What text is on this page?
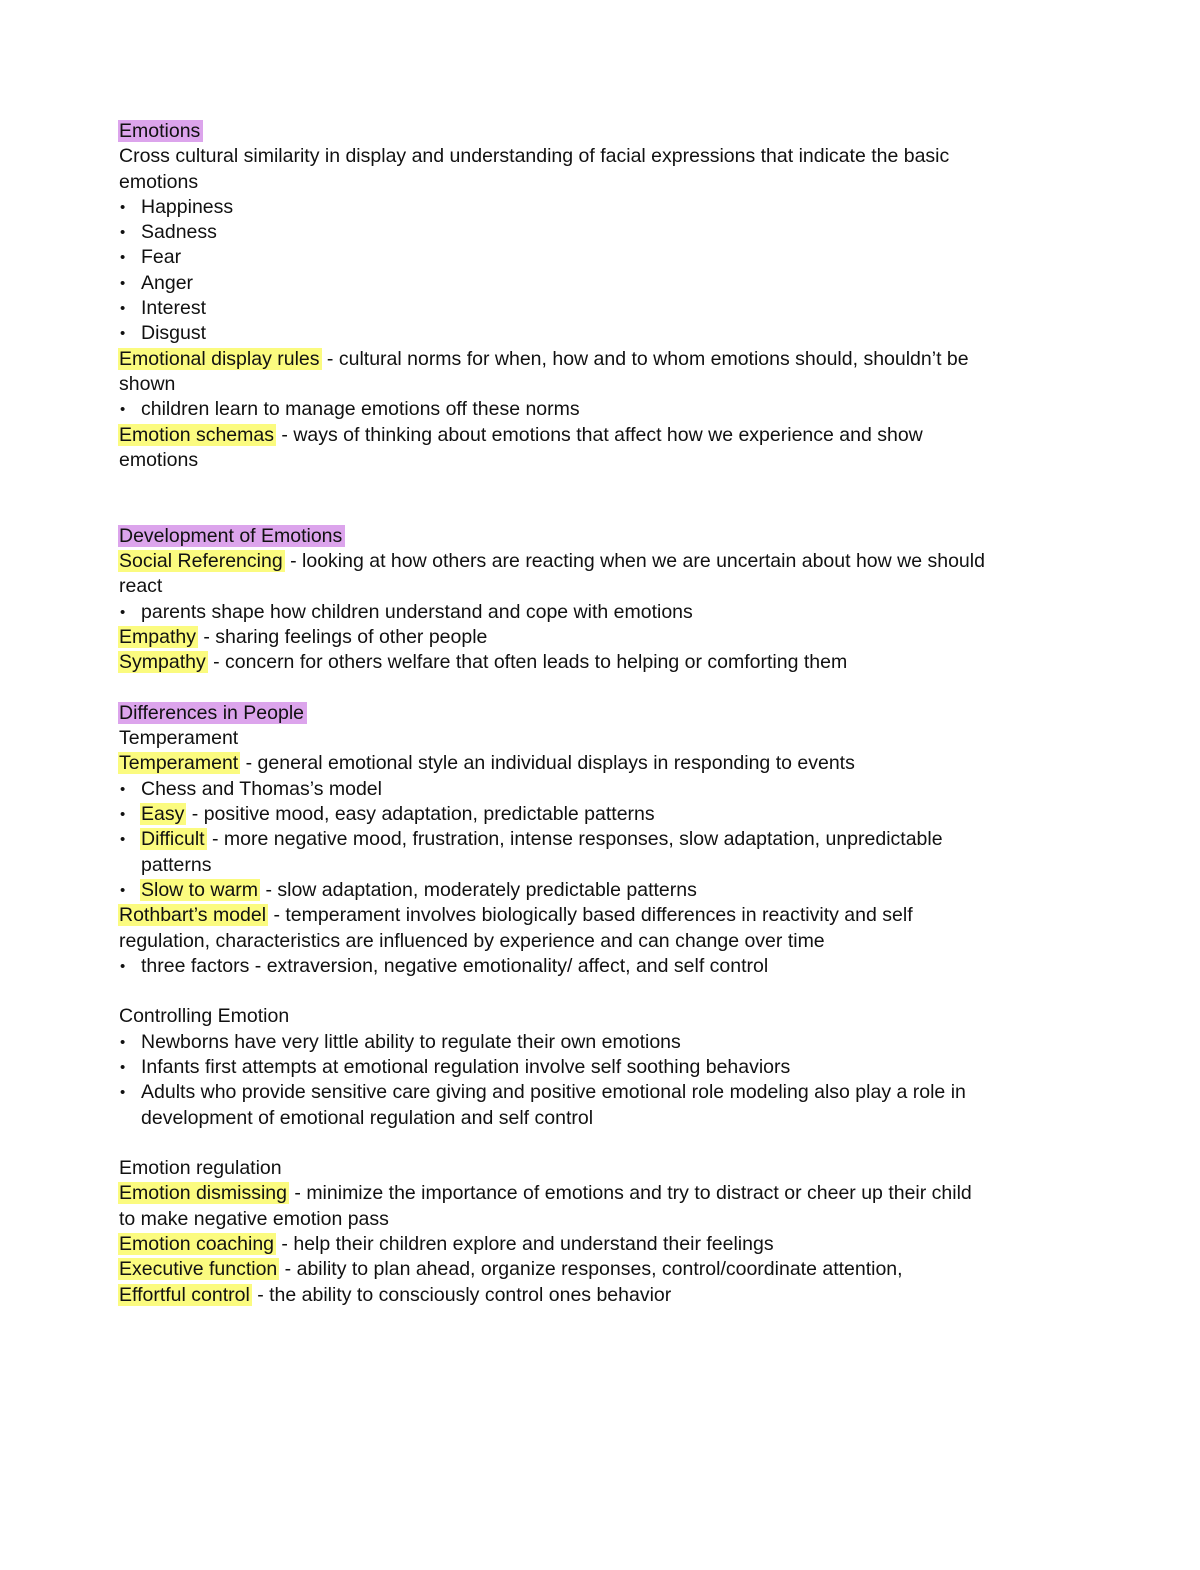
Emotions
Cross cultural similarity in display and understanding of facial expressions that indicate the basic
emotions
• Happiness
• Sadness
• Fear
• Anger
• Interest
• Disgust
Emotional display rules - cultural norms for when, how and to whom emotions should, shouldn’t be
shown
• children learn to manage emotions off these norms
Emotion schemas - ways of thinking about emotions that affect how we experience and show
emotions
Development of Emotions
Social Referencing - looking at how others are reacting when we are uncertain about how we should
react
• parents shape how children understand and cope with emotions
Empathy - sharing feelings of other people
Sympathy - concern for others welfare that often leads to helping or comforting them
Differences in People
Temperament
Temperament - general emotional style an individual displays in responding to events
• Chess and Thomas’s model
• Easy - positive mood, easy adaptation, predictable patterns
• Difficult - more negative mood, frustration, intense responses, slow adaptation, unpredictable
patterns
• Slow to warm - slow adaptation, moderately predictable patterns
Rothbart’s model - temperament involves biologically based differences in reactivity and self
regulation, characteristics are influenced by experience and can change over time
• three factors - extraversion, negative emotionality/ affect, and self control
Controlling Emotion
• Newborns have very little ability to regulate their own emotions
• Infants first attempts at emotional regulation involve self soothing behaviors
• Adults who provide sensitive care giving and positive emotional role modeling also play a role in
development of emotional regulation and self control
Emotion regulation
Emotion dismissing - minimize the importance of emotions and try to distract or cheer up their child
to make negative emotion pass
Emotion coaching - help their children explore and understand their feelings
Executive function - ability to plan ahead, organize responses, control/coordinate attention,
Effortful control - the ability to consciously control ones behavior
